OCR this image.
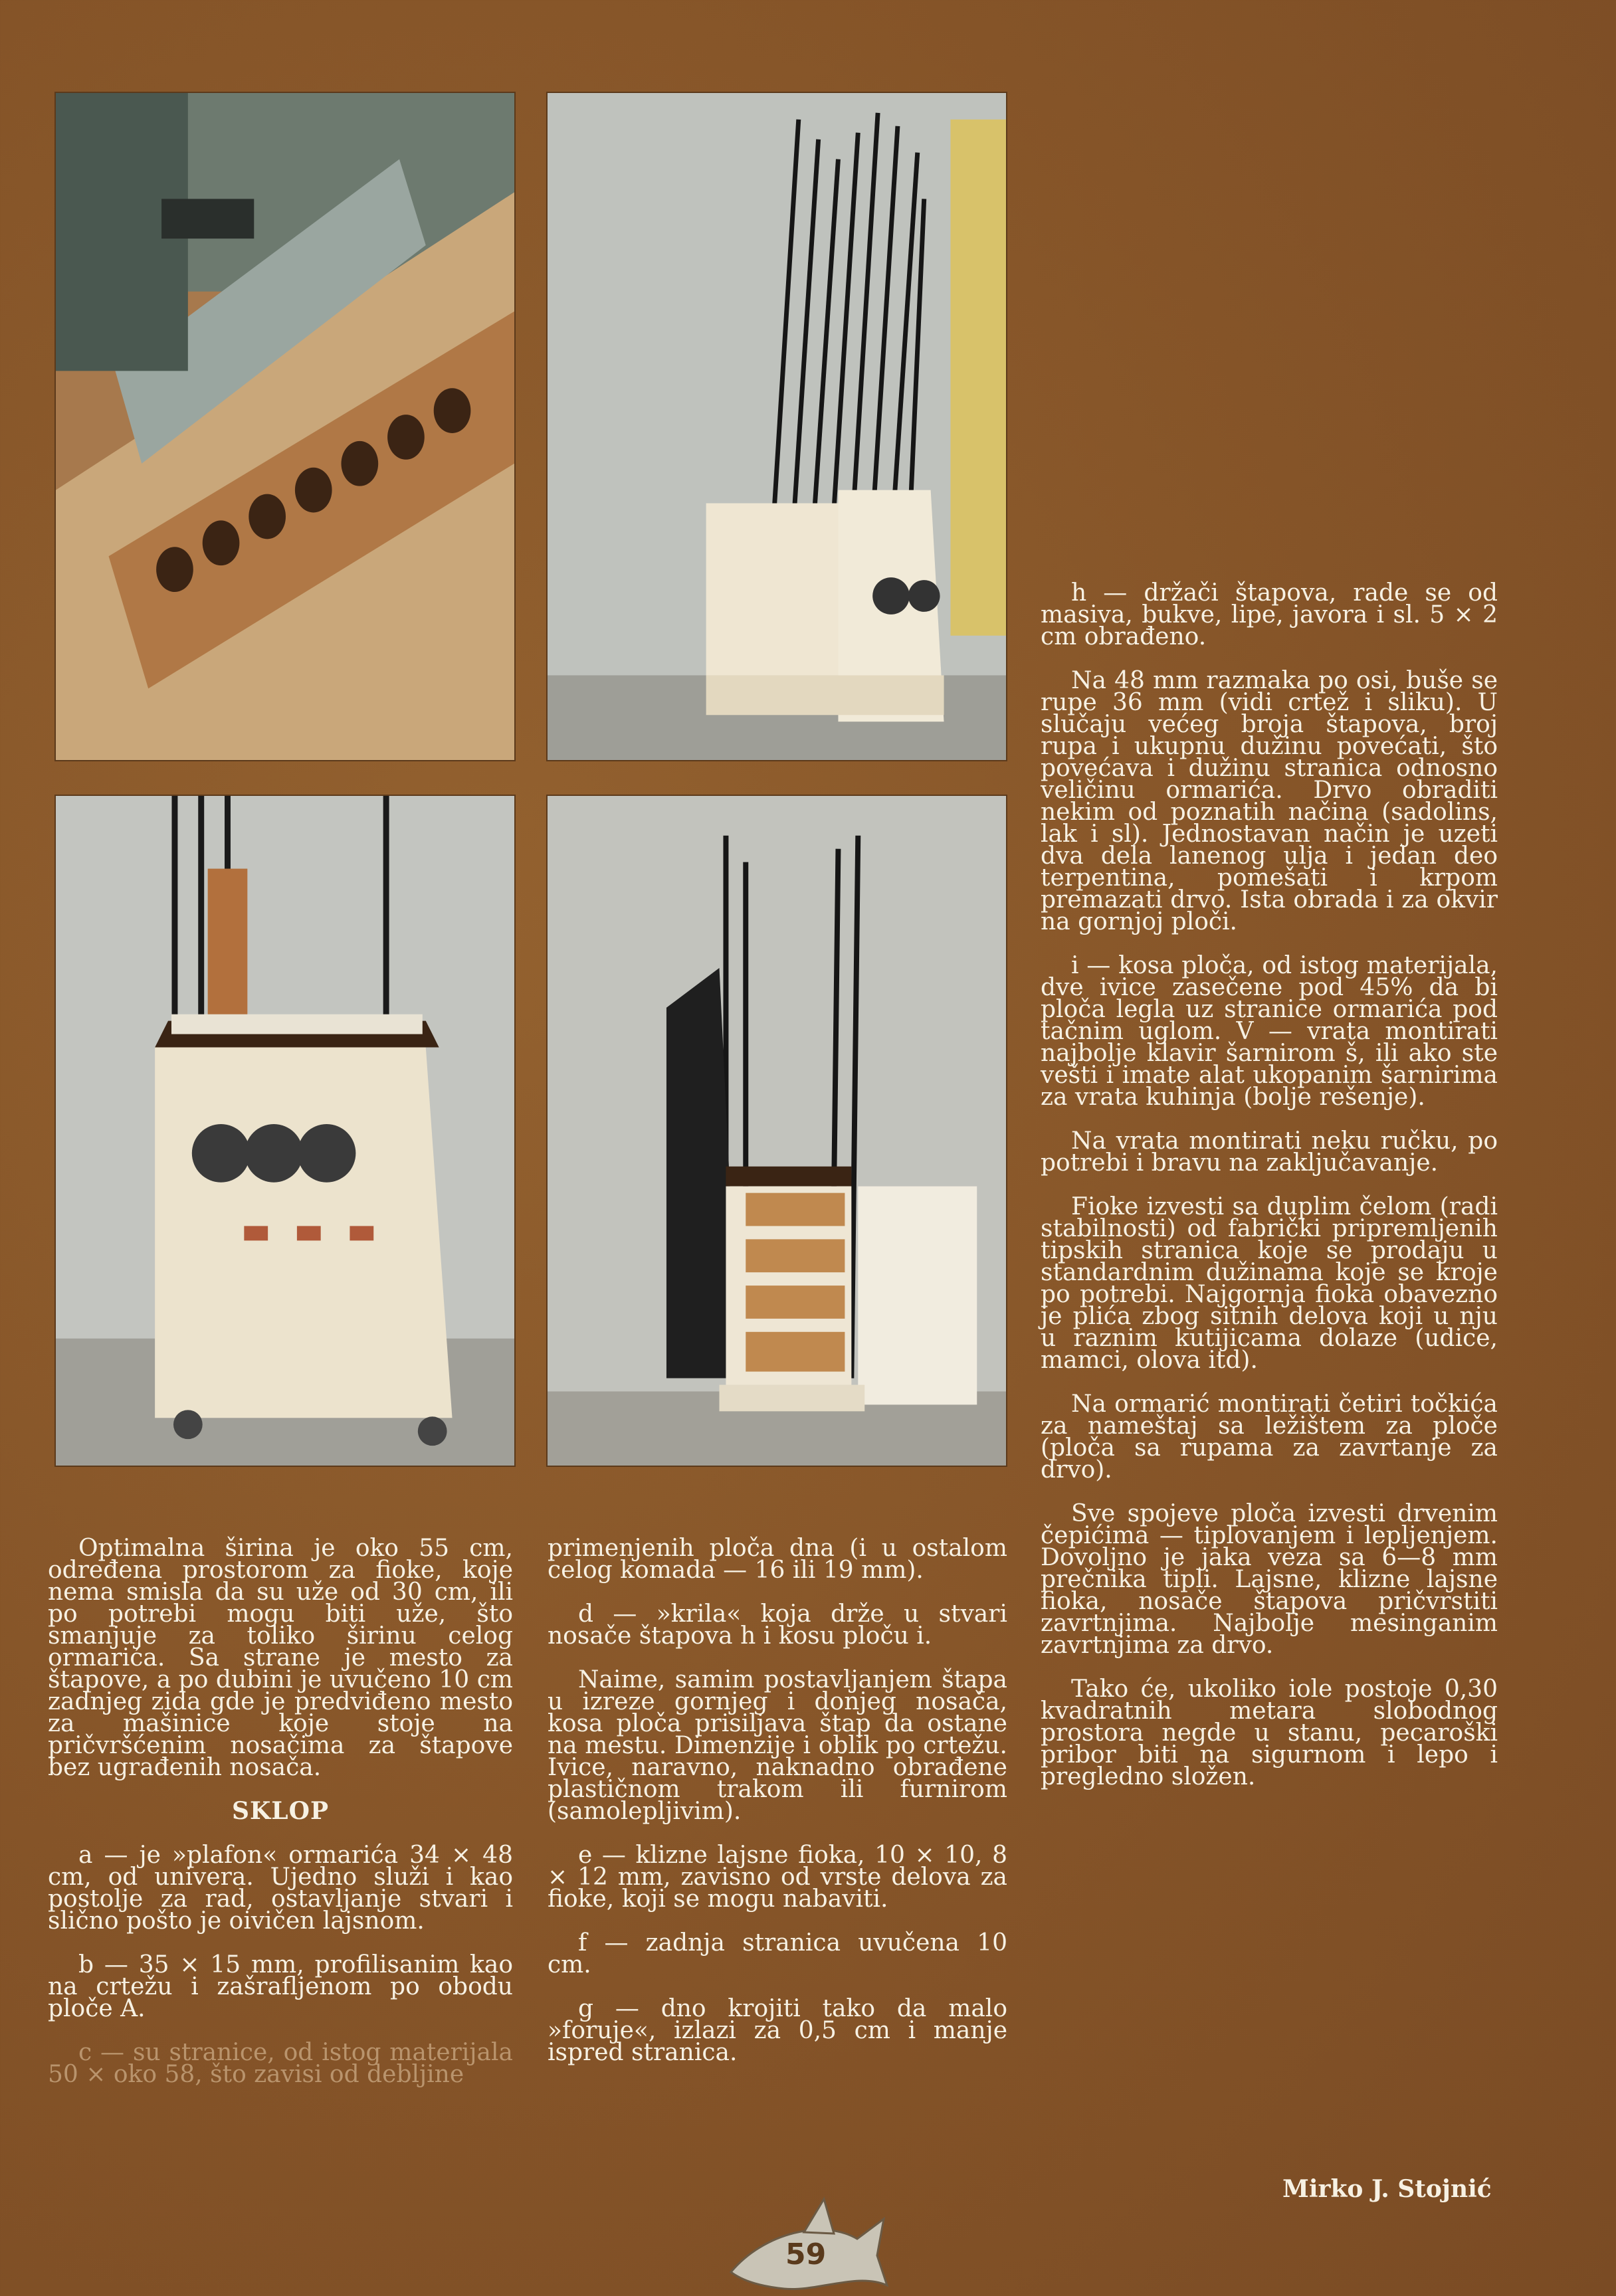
Optimalna širina je oko 55 cm, određena prostorom za fioke, koje nema smisla da su uže od 30 cm, ili po potrebi mogu biti uže, što smanjuje za toliko širinu celog ormarića. Sa strane je mesto za štapove, a po dubini je uvučeno 10 cm zadnjeg zida gde je predviđeno mesto za mašinice koje stoje na pričvršćenim nosačima za štapove bez ugrađenih nosača.

SKLOP

a — je »plafon« ormarića 34 × 48 cm, od univera. Ujedno služi i kao postolje za rad, ostavljanje stvari i slično pošto je oivičen lajsnom.

b — 35 × 15 mm, profilisanim kao na crtežu i zašrafljenom po obodu ploče A.

c — su stranice, od istog materijala 50 × oko 58, što zavisi od debljine

primenjenih ploča dna (i u ostalom celog komada — 16 ili 19 mm).

d — »krila« koja drže u stvari nosače štapova h i kosu ploču i.

Naime, samim postavljanjem štapa u izreze gornjeg i donjeg nosača, kosa ploča prisiljava štap da ostane na mestu. Dimenzije i oblik po crtežu. Ivice, naravno, naknadno obrađene plastičnom trakom ili furnirom (samolepljivim).

e — klizne lajsne fioka, 10 × 10, 8 × 12 mm, zavisno od vrste delova za fioke, koji se mogu nabaviti.

f — zadnja stranica uvučena 10 cm.

g — dno krojiti tako da malo »foruje«, izlazi za 0,5 cm i manje ispred stranica.

h — držači štapova, rade se od masiva, bukve, lipe, javora i sl. 5 × 2 cm obrađeno.

Na 48 mm razmaka po osi, buše se rupe 36 mm (vidi crtež i sliku). U slučaju većeg broja štapova, broj rupa i ukupnu dužinu povećati, što povećava i dužinu stranica odnosno veličinu ormarića. Drvo obraditi nekim od poznatih načina (sadolins, lak i sl). Jednostavan način je uzeti dva dela lanenog ulja i jedan deo terpentina, pomešati i krpom premazati drvo. Ista obrada i za okvir na gornjoj ploči.

i — kosa ploča, od istog materijala, dve ivice zasečene pod 45% da bi ploča legla uz stranice ormarića pod tačnim uglom. V — vrata montirati najbolje klavir šarnirom š, ili ako ste vešti i imate alat ukopanim šarnirima za vrata kuhinja (bolje rešenje).

Na vrata montirati neku ručku, po potrebi i bravu na zaključavanje.

Fioke izvesti sa duplim čelom (radi stabilnosti) od fabrički pripremljenih tipskih stranica koje se prodaju u standardnim dužinama koje se kroje po potrebi. Najgornja fioka obavezno je plića zbog sitnih delova koji u nju u raznim kutijicama dolaze (udice, mamci, olova itd).

Na ormarić montirati četiri točkića za nameštaj sa ležištem za ploče (ploča sa rupama za zavrtanje za drvo).

Sve spojeve ploča izvesti drvenim čepićima — tiplovanjem i lepljenjem. Dovoljno je jaka veza sa 6—8 mm prečnika tipli. Lajsne, klizne lajsne fioka, nosače štapova pričvrstiti zavrtnjima. Najbolje mesinganim zavrtnjima za drvo.

Tako će, ukoliko iole postoje 0,30 kvadratnih metara slobodnog prostora negde u stanu, pecaroški pribor biti na sigurnom i lepo i pregledno složen.

Mirko J. Stojnić
59
